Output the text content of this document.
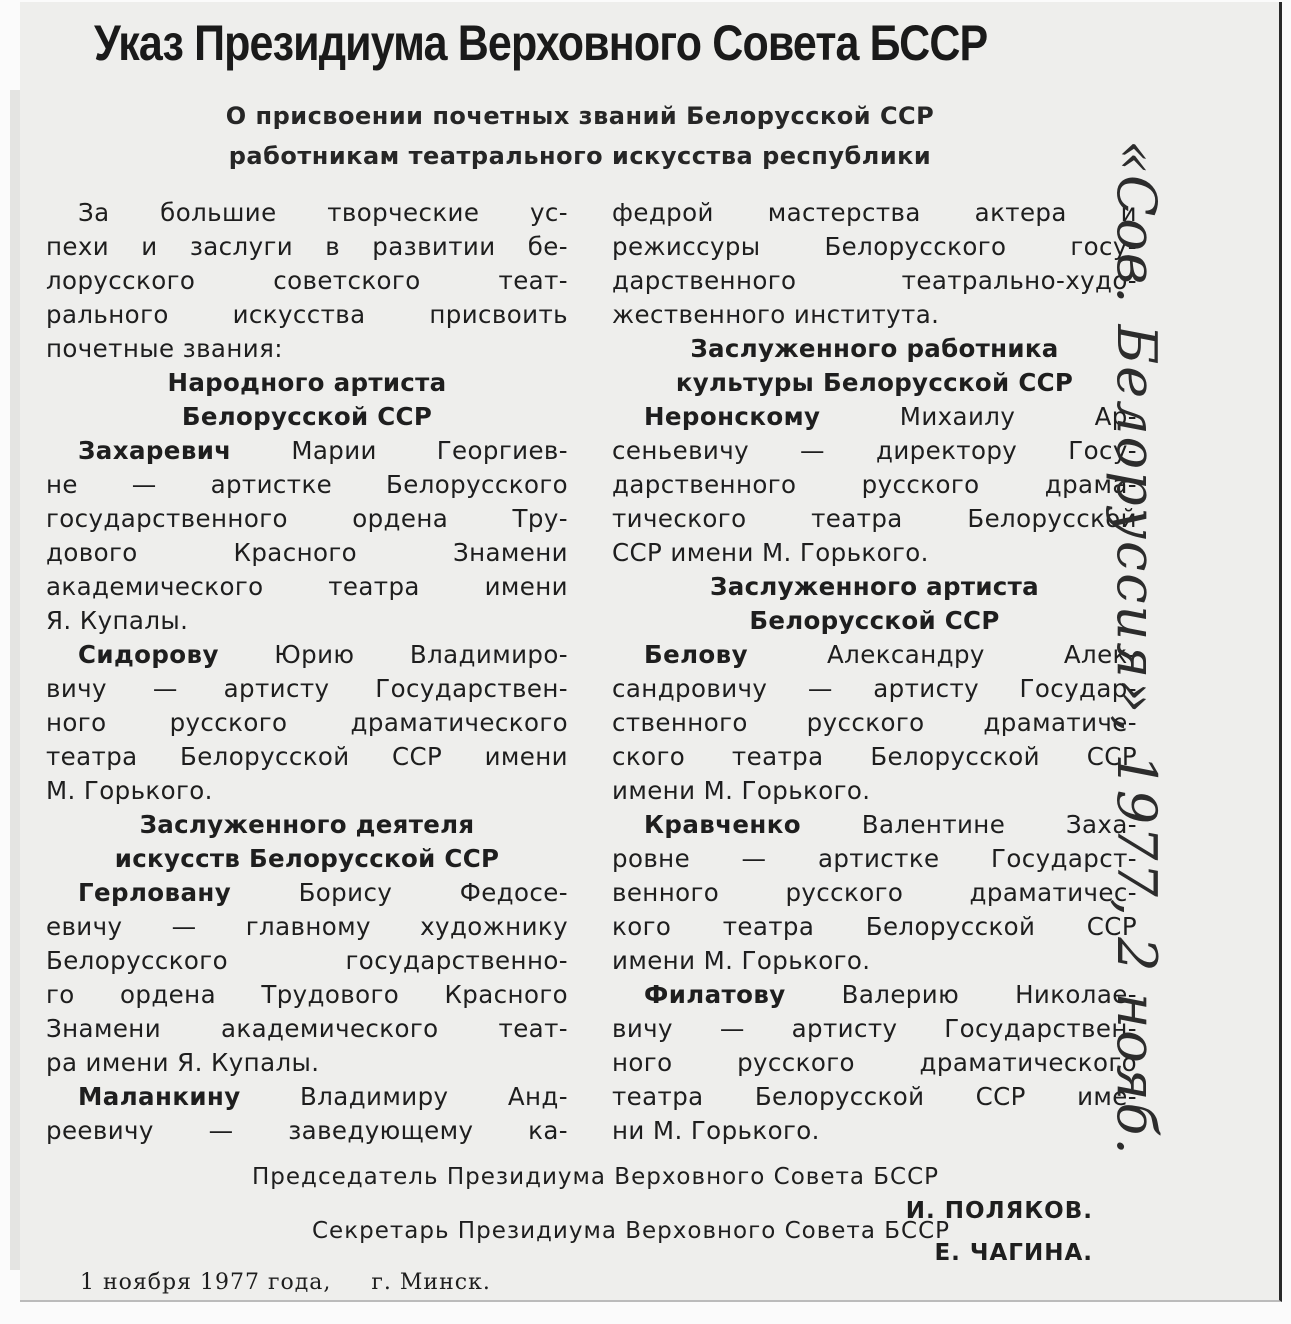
Указ Президиума Верховного Совета БССР
О присвоении почетных званий Белорусской ССР
работникам театрального искусства республики
За большие творческие ус-
пехи и заслуги в развитии бе-
лорусского советского теат-
рального искусства присвоить
почетные звания:
Народного артиста
Белорусской ССР
Захаревич Марии Георгиев-
не — артистке Белорусского
государственного ордена Тру-
дового Красного Знамени
академического театра имени
Я. Купалы.
Сидорову Юрию Владимиро-
вичу — артисту Государствен-
ного русского драматического
театра Белорусской ССР имени
М. Горького.
Заслуженного деятеля
искусств Белорусской ССР
Герловану Борису Федосе-
евичу — главному художнику
Белорусского государственно-
го ордена Трудового Красного
Знамени академического теат-
ра имени Я. Купалы.
Маланкину Владимиру Анд-
реевичу — заведующему ка-
федрой мастерства актера и
режиссуры Белорусского госу-
дарственного театрально-худо-
жественного института.
Заслуженного работника
культуры Белорусской ССР
Неронскому Михаилу Ар-
сеньевичу — директору Госу-
дарственного русского драма-
тического театра Белорусской
ССР имени М. Горького.
Заслуженного артиста
Белорусской ССР
Белову Александру Алек-
сандровичу — артисту Государ-
ственного русского драматиче-
ского театра Белорусской ССР
имени М. Горького.
Кравченко Валентине Заха-
ровне — артистке Государст-
венного русского драматичес-
кого театра Белорусской ССР
имени М. Горького.
Филатову Валерию Николае-
вичу — артисту Государствен-
ного русского драматического
театра Белорусской ССР име-
ни М. Горького.
Председатель Президиума Верховного Совета БССР
И. ПОЛЯКОВ.
Секретарь Президиума Верховного Совета БССР
Е. ЧАГИНА.
1 ноября 1977 года, г. Минск.
«Сов. Белоруссия», 1977, 2 нояб.
